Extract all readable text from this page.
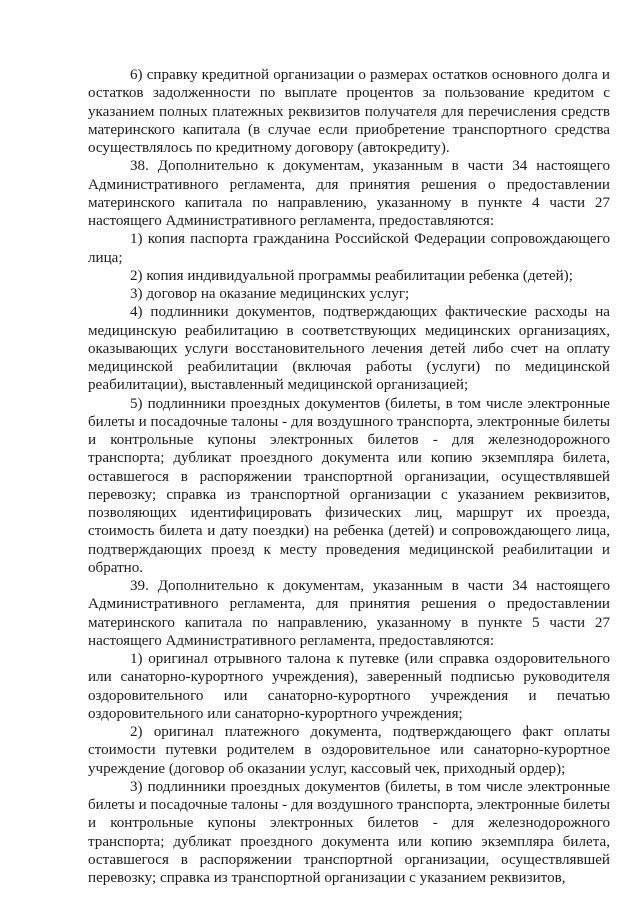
6) справку кредитной организации о размерах остатков основного долга и остатков задолженности по выплате процентов за пользование кредитом с указанием полных платежных реквизитов получателя для перечисления средств материнского капитала (в случае если приобретение транспортного средства осуществлялось по кредитному договору (автокредиту).

38. Дополнительно к документам, указанным в части 34 настоящего Административного регламента, для принятия решения о предоставлении материнского капитала по направлению, указанному в пункте 4 части 27 настоящего Административного регламента, предоставляются:

1) копия паспорта гражданина Российской Федерации сопровождающего лица;

2) копия индивидуальной программы реабилитации ребенка (детей);

3) договор на оказание медицинских услуг;

4) подлинники документов, подтверждающих фактические расходы на медицинскую реабилитацию в соответствующих медицинских организациях, оказывающих услуги восстановительного лечения детей либо счет на оплату медицинской реабилитации (включая работы (услуги) по медицинской реабилитации), выставленный медицинской организацией;

5) подлинники проездных документов (билеты, в том числе электронные билеты и посадочные талоны - для воздушного транспорта, электронные билеты и контрольные купоны электронных билетов - для железнодорожного транспорта; дубликат проездного документа или копию экземпляра билета, оставшегося в распоряжении транспортной организации, осуществлявшей перевозку; справка из транспортной организации с указанием реквизитов, позволяющих идентифицировать физических лиц, маршрут их проезда, стоимость билета и дату поездки) на ребенка (детей) и сопровождающего лица, подтверждающих проезд к месту проведения медицинской реабилитации и обратно.

39. Дополнительно к документам, указанным в части 34 настоящего Административного регламента, для принятия решения о предоставлении материнского капитала по направлению, указанному в пункте 5 части 27 настоящего Административного регламента, предоставляются:

1) оригинал отрывного талона к путевке (или справка оздоровительного или санаторно-курортного учреждения), заверенный подписью руководителя оздоровительного или санаторно-курортного учреждения и печатью оздоровительного или санаторно-курортного учреждения;

2) оригинал платежного документа, подтверждающего факт оплаты стоимости путевки родителем в оздоровительное или санаторно-курортное учреждение (договор об оказании услуг, кассовый чек, приходный ордер);

3) подлинники проездных документов (билеты, в том числе электронные билеты и посадочные талоны - для воздушного транспорта, электронные билеты и контрольные купоны электронных билетов - для железнодорожного транспорта; дубликат проездного документа или копию экземпляра билета, оставшегося в распоряжении транспортной организации, осуществлявшей перевозку; справка из транспортной организации с указанием реквизитов,
